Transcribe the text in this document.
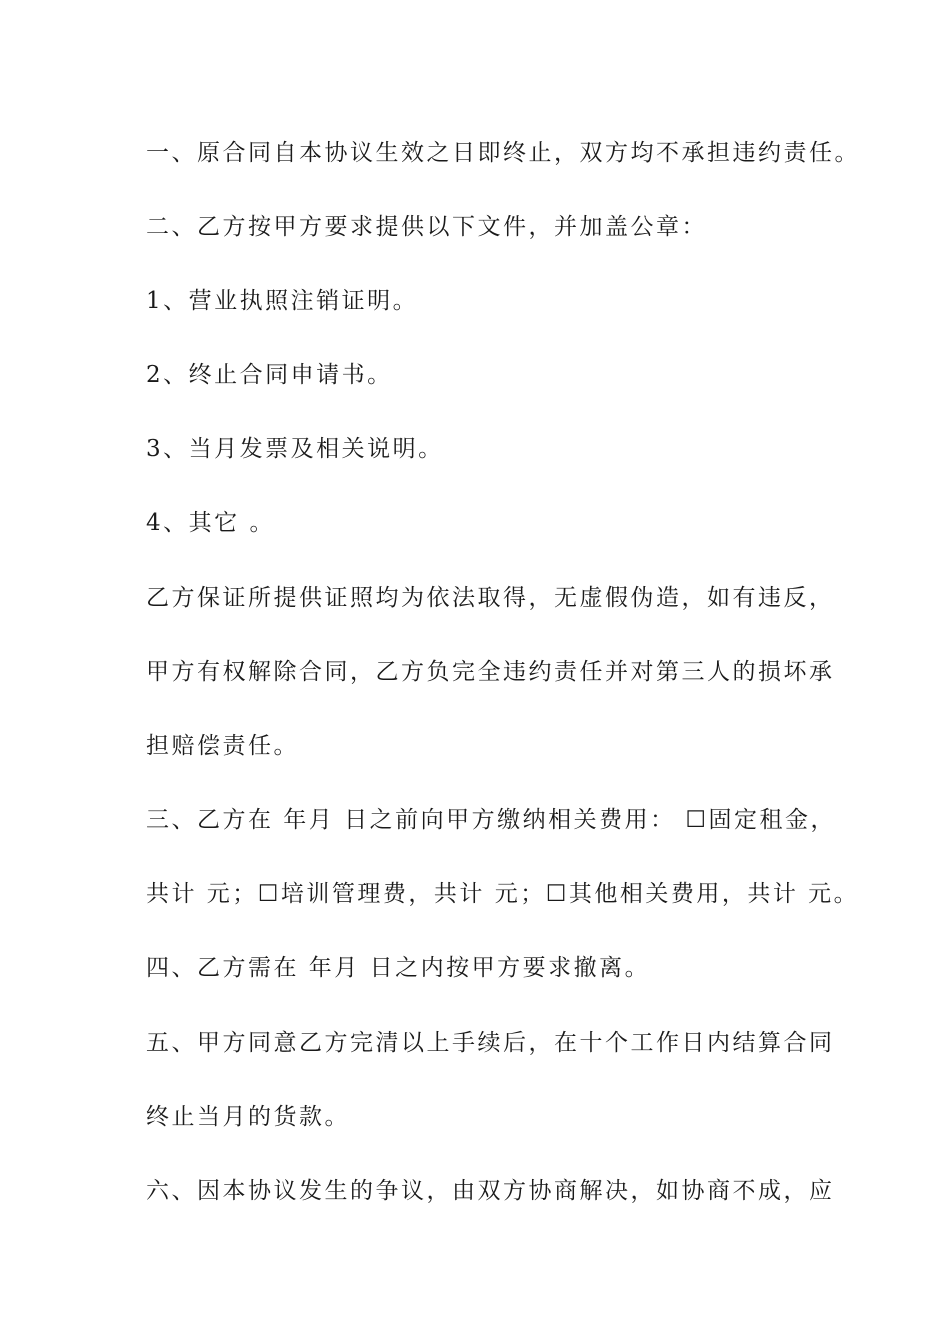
一、原合同自本协议生效之日即终止，双方均不承担违约责任。

二、乙方按甲方要求提供以下文件，并加盖公章：

1、营业执照注销证明。

2、终止合同申请书。

3、当月发票及相关说明。

4、其它 。

乙方保证所提供证照均为依法取得，无虚假伪造，如有违反，

甲方有权解除合同，乙方负完全违约责任并对第三人的损坏承

担赔偿责任。

三、乙方在 年月 日之前向甲方缴纳相关费用： ☐固定租金，

共计 元；☐培训管理费，共计 元；☐其他相关费用，共计 元。

四、乙方需在 年月 日之内按甲方要求撤离。

五、甲方同意乙方完清以上手续后，在十个工作日内结算合同

终止当月的货款。

六、因本协议发生的争议，由双方协商解决，如协商不成，应
